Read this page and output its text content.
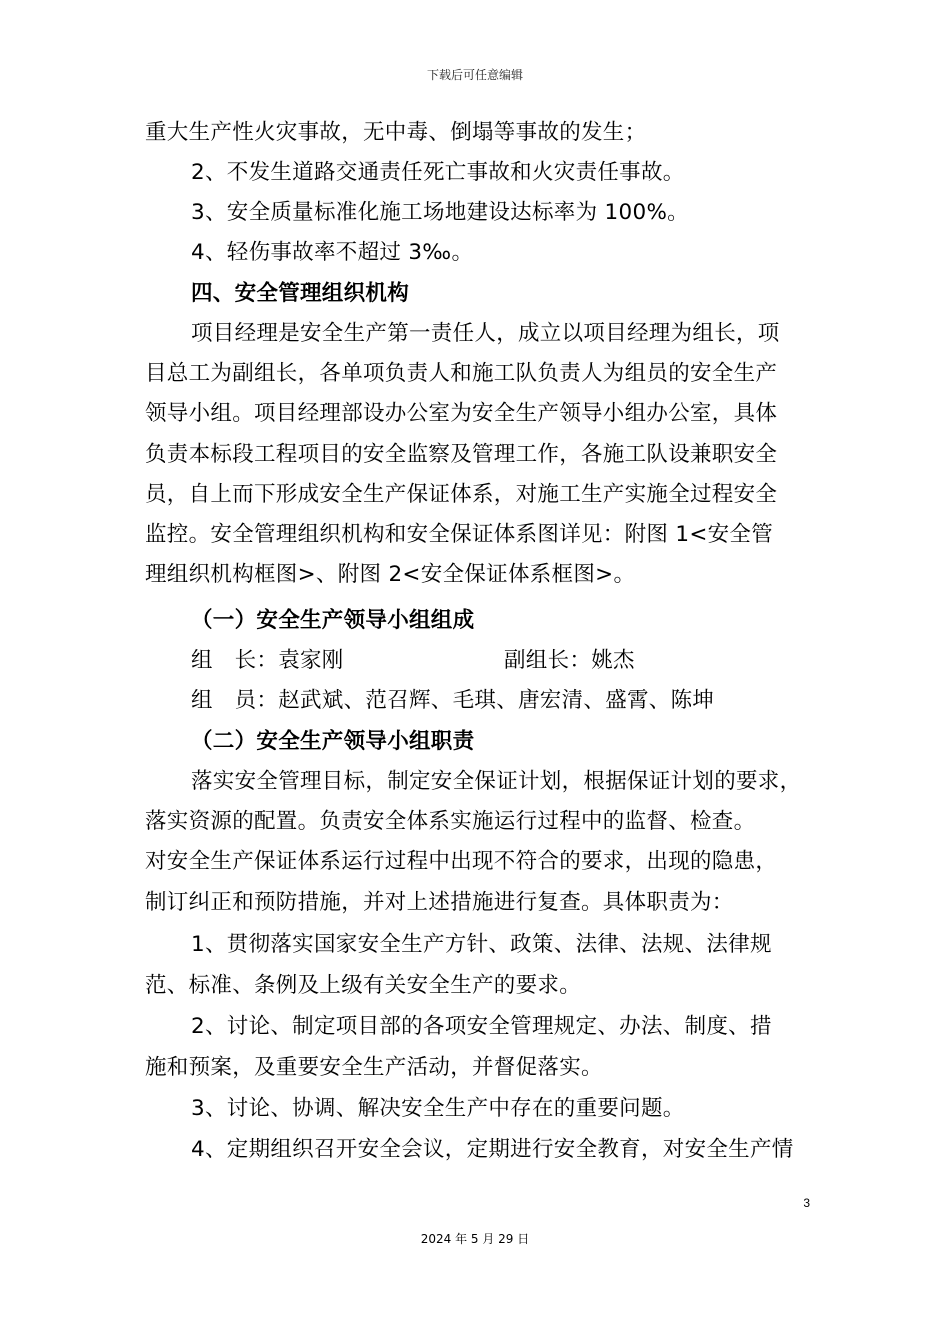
下载后可任意编辑
重大生产性火灾事故，无中毒、倒塌等事故的发生；
2、不发生道路交通责任死亡事故和火灾责任事故。
3、安全质量标准化施工场地建设达标率为 100%。
4、轻伤事故率不超过 3‰。
四、安全管理组织机构
项目经理是安全生产第一责任人，成立以项目经理为组长，项
目总工为副组长，各单项负责人和施工队负责人为组员的安全生产
领导小组。项目经理部设办公室为安全生产领导小组办公室，具体
负责本标段工程项目的安全监察及管理工作，各施工队设兼职安全
员，自上而下形成安全生产保证体系，对施工生产实施全过程安全
监控。安全管理组织机构和安全保证体系图详见：附图 1<安全管
理组织机构框图>、附图 2<安全保证体系框图>。
（一）安全生产领导小组组成
组　长：袁家刚	副组长：姚杰
组　员：赵武斌、范召辉、毛琪、唐宏清、盛霄、陈坤
（二）安全生产领导小组职责
落实安全管理目标，制定安全保证计划，根据保证计划的要求，
落实资源的配置。负责安全体系实施运行过程中的监督、检查。
对安全生产保证体系运行过程中出现不符合的要求，出现的隐患，
制订纠正和预防措施，并对上述措施进行复查。具体职责为：
1、贯彻落实国家安全生产方针、政策、法律、法规、法律规
范、标准、条例及上级有关安全生产的要求。
2、讨论、制定项目部的各项安全管理规定、办法、制度、措
施和预案，及重要安全生产活动，并督促落实。
3、讨论、协调、解决安全生产中存在的重要问题。
4、定期组织召开安全会议，定期进行安全教育，对安全生产情
3
2024 年 5 月 29 日
